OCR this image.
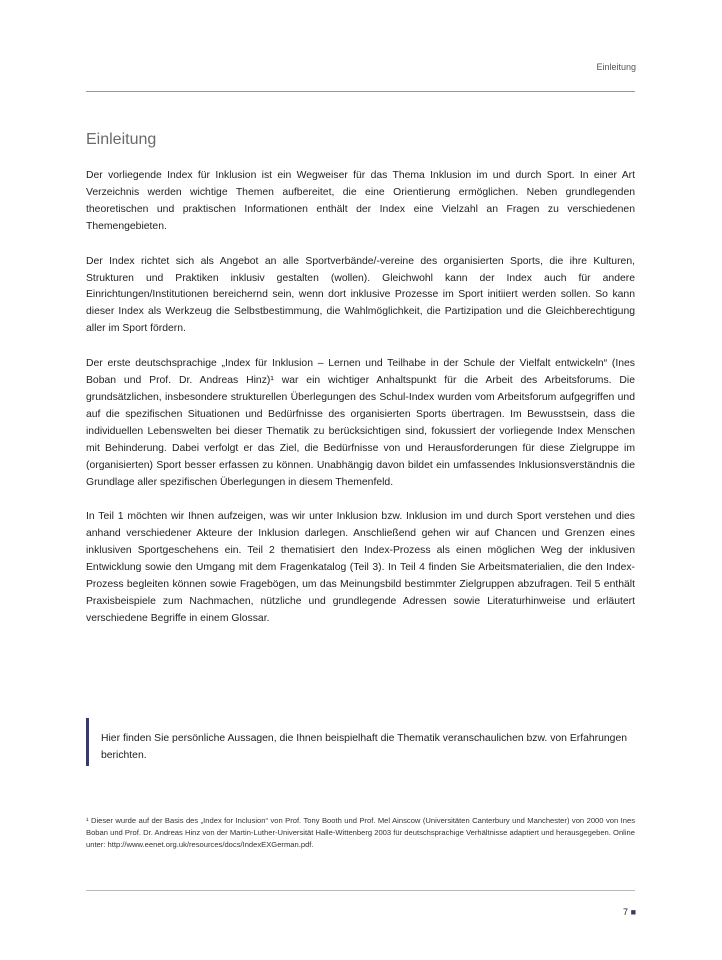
Einleitung
Einleitung

Der vorliegende Index für Inklusion ist ein Wegweiser für das Thema Inklusion im und durch Sport. In einer Art Verzeichnis werden wichtige Themen aufbereitet, die eine Orientierung ermöglichen. Neben grundlegenden theoretischen und praktischen Informationen enthält der Index eine Vielzahl an Fragen zu verschiedenen Themengebieten.

Der Index richtet sich als Angebot an alle Sportverbände/-vereine des organisierten Sports, die ihre Kulturen, Strukturen und Praktiken inklusiv gestalten (wollen). Gleichwohl kann der Index auch für andere Einrichtungen/Institutionen bereichernd sein, wenn dort inklusive Prozesse im Sport initiiert werden sollen. So kann dieser Index als Werkzeug die Selbstbestimmung, die Wahlmöglichkeit, die Partizipation und die Gleichberechtigung aller im Sport fördern.

Der erste deutschsprachige „Index für Inklusion – Lernen und Teilhabe in der Schule der Vielfalt entwickeln“ (Ines Boban und Prof. Dr. Andreas Hinz)¹ war ein wichtiger Anhaltspunkt für die Arbeit des Arbeitsforums. Die grundsätzlichen, insbesondere strukturellen Überlegungen des Schul-Index wurden vom Arbeitsforum aufgegriffen und auf die spezifischen Situationen und Bedürfnisse des organisierten Sports übertragen. Im Bewusstsein, dass die individuellen Lebenswelten bei dieser Thematik zu berücksichtigen sind, fokussiert der vorliegende Index Menschen mit Behinderung. Dabei verfolgt er das Ziel, die Bedürfnisse von und Herausforderungen für diese Zielgruppe im (organisierten) Sport besser erfassen zu können. Unabhängig davon bildet ein umfassendes Inklusionsverständnis die Grundlage aller spezifischen Überlegungen in diesem Themenfeld.

In Teil 1 möchten wir Ihnen aufzeigen, was wir unter Inklusion bzw. Inklusion im und durch Sport verstehen und dies anhand verschiedener Akteure der Inklusion darlegen. Anschließend gehen wir auf Chancen und Grenzen eines inklusiven Sportgeschehens ein. Teil 2 thematisiert den Index-Prozess als einen möglichen Weg der inklusiven Entwicklung sowie den Umgang mit dem Fragenkatalog (Teil 3). In Teil 4 finden Sie Arbeitsmaterialien, die den Index-Prozess begleiten können sowie Fragebögen, um das Meinungsbild bestimmter Zielgruppen abzufragen. Teil 5 enthält Praxisbeispiele zum Nachmachen, nützliche und grundlegende Adressen sowie Literaturhinweise und erläutert verschiedene Begriffe in einem Glossar.

Hier finden Sie persönliche Aussagen, die Ihnen beispielhaft die Thematik veranschaulichen bzw. von Erfahrungen berichten.
¹ Dieser wurde auf der Basis des „Index for Inclusion“ von Prof. Tony Booth und Prof. Mel Ainscow (Universitäten Canterbury und Manchester) von 2000 von Ines Boban und Prof. Dr. Andreas Hinz von der Martin-Luther-Universität Halle-Wittenberg 2003 für deutschsprachige Verhältnisse adaptiert und herausgegeben. Online unter: http://www.eenet.org.uk/resources/docs/IndexEXGerman.pdf.
7 ■
